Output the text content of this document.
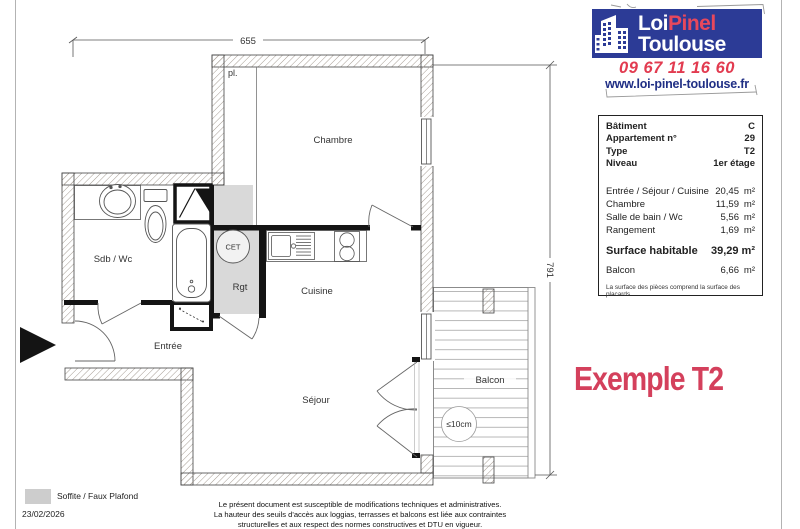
655
791
≤10cm
pl.
Chambre
Sdb / Wc
Entrée
Cuisine
Séjour
Balcon
Rgt
CET
LoiPinel
Toulouse
09 67 11 16 60
www.loi-pinel-toulouse.fr
Bâtiment	C
Appartement n°	29
Type	T2
Niveau	1er étage
Entrée / Séjour / Cuisine 20,45 m²
Chambre	11,59 m²
Salle de bain / Wc	5,56 m²
Rangement	1,69 m²
Surface habitable	39,29 m²
Balcon	6,66 m²
La surface des pièces comprend la surface des placards
Exemple T2
Soffite / Faux Plafond
23/02/2026
Le présent document est susceptible de modifications techniques et administratives.
La hauteur des seuils d'accès aux loggias, terrasses et balcons est liée aux contraintes
structurelles et aux respect des normes constructives et DTU en vigueur.
